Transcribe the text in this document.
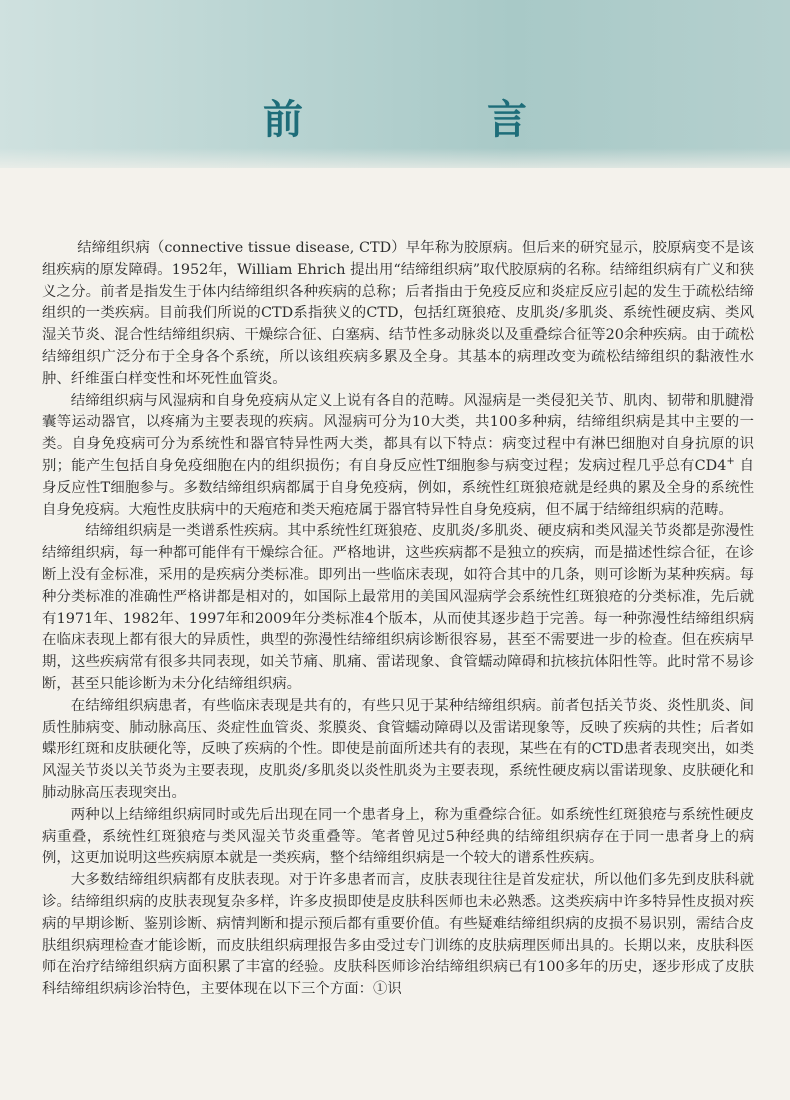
前　言

结缔组织病（connective tissue disease, CTD）早年称为胶原病。但后来的研究显示，胶原病变不是该组疾病的原发障碍。1952年，William Ehrich 提出用“结缔组织病”取代胶原病的名称。结缔组织病有广义和狭义之分。前者是指发生于体内结缔组织各种疾病的总称；后者指由于免疫反应和炎症反应引起的发生于疏松结缔组织的一类疾病。目前我们所说的CTD系指狭义的CTD，包括红斑狼疮、皮肌炎/多肌炎、系统性硬皮病、类风湿关节炎、混合性结缔组织病、干燥综合征、白塞病、结节性多动脉炎以及重叠综合征等20余种疾病。由于疏松结缔组织广泛分布于全身各个系统，所以该组疾病多累及全身。其基本的病理改变为疏松结缔组织的黏液性水肿、纤维蛋白样变性和坏死性血管炎。

结缔组织病与风湿病和自身免疫病从定义上说有各自的范畴。风湿病是一类侵犯关节、肌肉、韧带和肌腱滑囊等运动器官，以疼痛为主要表现的疾病。风湿病可分为10大类，共100多种病，结缔组织病是其中主要的一类。自身免疫病可分为系统性和器官特异性两大类，都具有以下特点：病变过程中有淋巴细胞对自身抗原的识别；能产生包括自身免疫细胞在内的组织损伤；有自身反应性T细胞参与病变过程；发病过程几乎总有CD4+ 自身反应性T细胞参与。多数结缔组织病都属于自身免疫病，例如，系统性红斑狼疮就是经典的累及全身的系统性自身免疫病。大疱性皮肤病中的天疱疮和类天疱疮属于器官特异性自身免疫病，但不属于结缔组织病的范畴。

结缔组织病是一类谱系性疾病。其中系统性红斑狼疮、皮肌炎/多肌炎、硬皮病和类风湿关节炎都是弥漫性结缔组织病，每一种都可能伴有干燥综合征。严格地讲，这些疾病都不是独立的疾病，而是描述性综合征，在诊断上没有金标准，采用的是疾病分类标准。即列出一些临床表现，如符合其中的几条，则可诊断为某种疾病。每种分类标准的准确性严格讲都是相对的，如国际上最常用的美国风湿病学会系统性红斑狼疮的分类标准，先后就有1971年、1982年、1997年和2009年分类标准4个版本，从而使其逐步趋于完善。每一种弥漫性结缔组织病在临床表现上都有很大的异质性，典型的弥漫性结缔组织病诊断很容易，甚至不需要进一步的检查。但在疾病早期，这些疾病常有很多共同表现，如关节痛、肌痛、雷诺现象、食管蠕动障碍和抗核抗体阳性等。此时常不易诊断，甚至只能诊断为未分化结缔组织病。

在结缔组织病患者，有些临床表现是共有的，有些只见于某种结缔组织病。前者包括关节炎、炎性肌炎、间质性肺病变、肺动脉高压、炎症性血管炎、浆膜炎、食管蠕动障碍以及雷诺现象等，反映了疾病的共性；后者如蝶形红斑和皮肤硬化等，反映了疾病的个性。即使是前面所述共有的表现，某些在有的CTD患者表现突出，如类风湿关节炎以关节炎为主要表现，皮肌炎/多肌炎以炎性肌炎为主要表现，系统性硬皮病以雷诺现象、皮肤硬化和肺动脉高压表现突出。

两种以上结缔组织病同时或先后出现在同一个患者身上，称为重叠综合征。如系统性红斑狼疮与系统性硬皮病重叠，系统性红斑狼疮与类风湿关节炎重叠等。笔者曾见过5种经典的结缔组织病存在于同一患者身上的病例，这更加说明这些疾病原本就是一类疾病，整个结缔组织病是一个较大的谱系性疾病。

大多数结缔组织病都有皮肤表现。对于许多患者而言，皮肤表现往往是首发症状，所以他们多先到皮肤科就诊。结缔组织病的皮肤表现复杂多样，许多皮损即使是皮肤科医师也未必熟悉。这类疾病中许多特异性皮损对疾病的早期诊断、鉴别诊断、病情判断和提示预后都有重要价值。有些疑难结缔组织病的皮损不易识别，需结合皮肤组织病理检查才能诊断，而皮肤组织病理报告多由受过专门训练的皮肤病理医师出具的。长期以来，皮肤科医师在治疗结缔组织病方面积累了丰富的经验。皮肤科医师诊治结缔组织病已有100多年的历史，逐步形成了皮肤科结缔组织病诊治特色，主要体现在以下三个方面：①识
